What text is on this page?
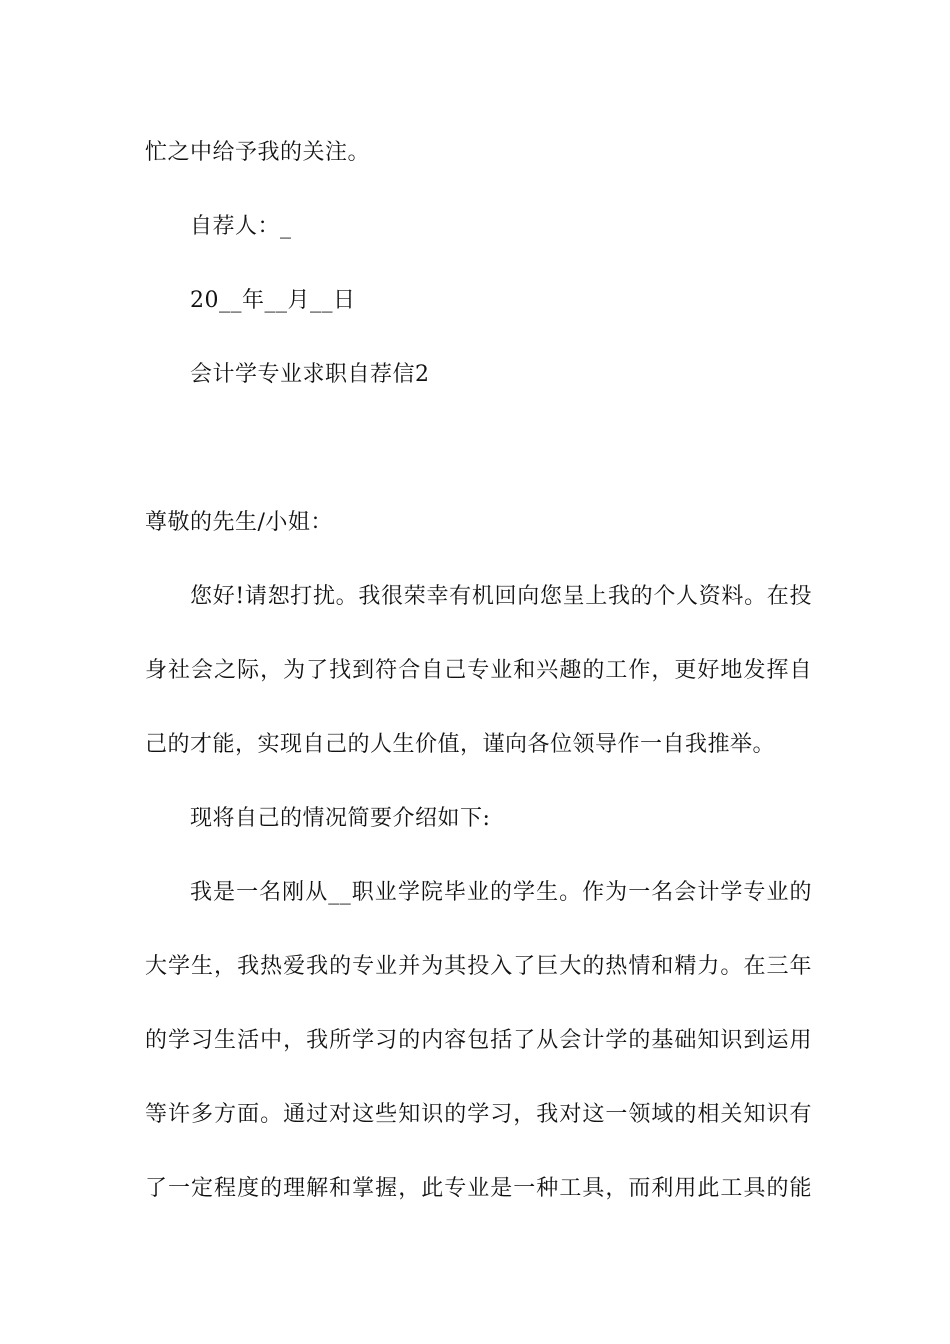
忙之中给予我的关注。
自荐人：_
20__年__月__日
会计学专业求职自荐信2
尊敬的先生/小姐：
您好!请恕打扰。我很荣幸有机回向您呈上我的个人资料。在投
身社会之际，为了找到符合自己专业和兴趣的工作，更好地发挥自
己的才能，实现自己的人生价值，谨向各位领导作一自我推举。
现将自己的情况简要介绍如下:
我是一名刚从__职业学院毕业的学生。作为一名会计学专业的
大学生，我热爱我的专业并为其投入了巨大的热情和精力。在三年
的学习生活中，我所学习的内容包括了从会计学的基础知识到运用
等许多方面。通过对这些知识的学习，我对这一领域的相关知识有
了一定程度的理解和掌握，此专业是一种工具，而利用此工具的能
